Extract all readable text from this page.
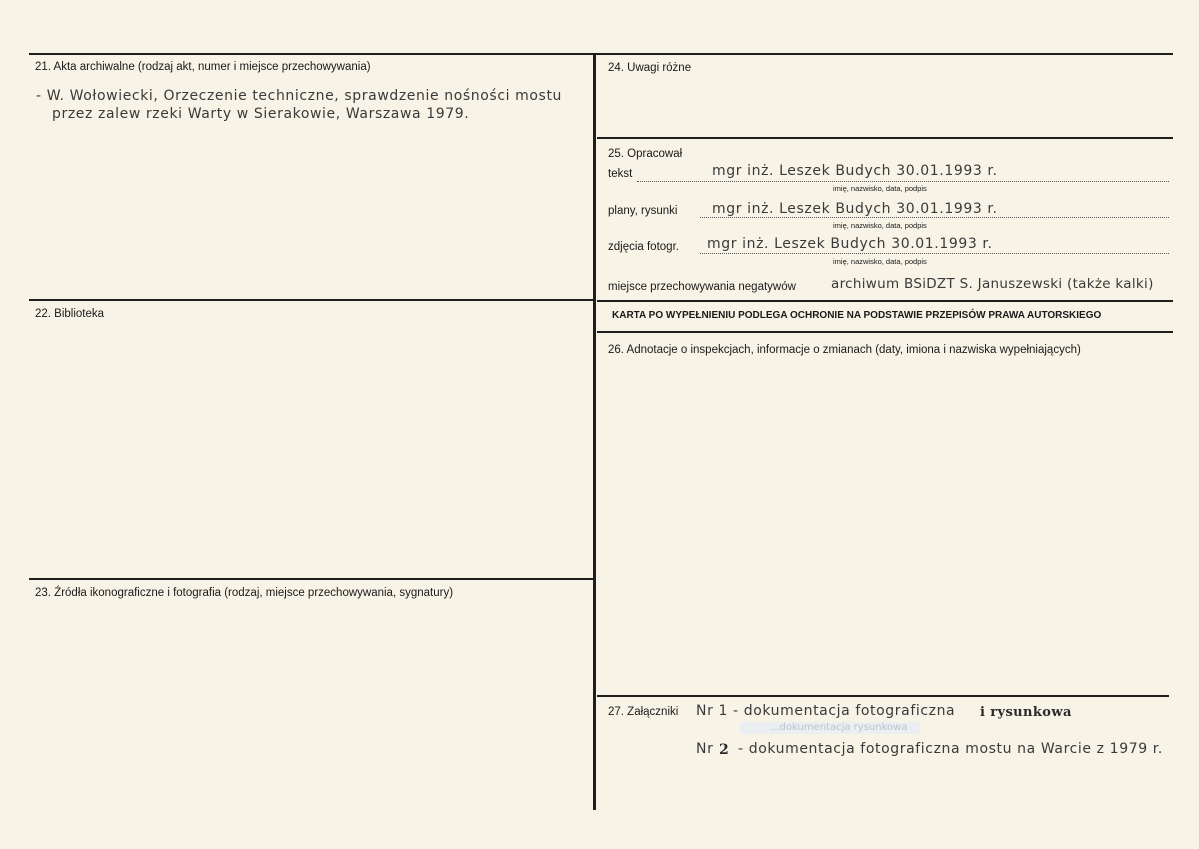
21. Akta archiwalne (rodzaj akt, numer i miejsce przechowywania)
- W. Wołowiecki, Orzeczenie techniczne, sprawdzenie nośności mostu
przez zalew rzeki Warty w Sierakowie, Warszawa 1979.
22. Biblioteka
23. Źródła ikonograficzne i fotografia (rodzaj, miejsce przechowywania, sygnatury)
24. Uwagi różne
25. Opracował
tekst	mgr inż. Leszek Budych 30.01.1993 r.
imię, nazwisko, data, podpis
plany, rysunki mgr inż. Leszek Budych 30.01.1993 r.
imię, nazwisko, data, podpis
zdjęcia fotogr. mgr inż. Leszek Budych 30.01.1993 r.
imię, nazwisko, data, podpis
miejsce przechowywania negatywów	archiwum BSiDZT S. Januszewski (także kalki)
KARTA PO WYPEŁNIENIU PODLEGA OCHRONIE NA PODSTAWIE PRZEPISÓW PRAWA AUTORSKIEGO
26. Adnotacje o inspekcjach, informacje o zmianach (daty, imiona i nazwiska wypełniających)
27. Załączniki Nr 1 - dokumentacja fotograficzna i rysunkowa
...dokumentacja rysunkowa
Nr 2 - dokumentacja fotograficzna mostu na Warcie z 1979 r.
